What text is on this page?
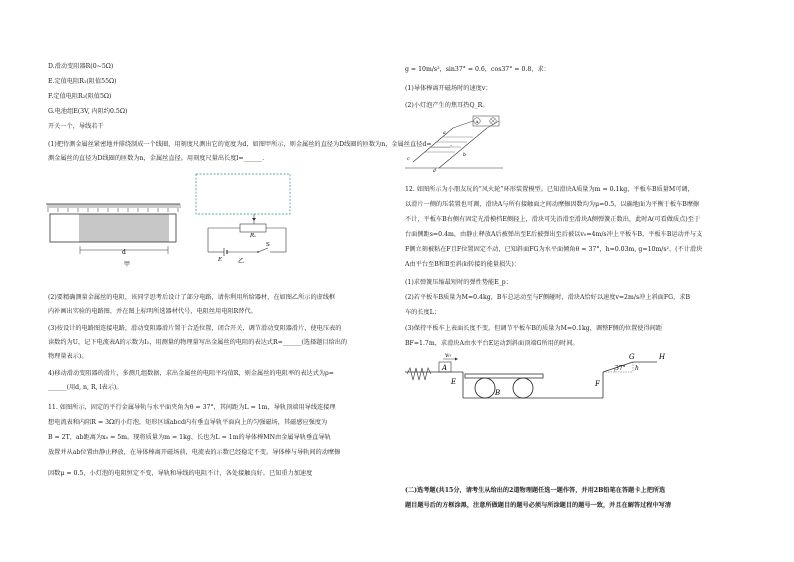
D.滑动变阻器R(0~5Ω)
E.定值电阻R₁(阻值55Ω)
F.定值电阻R₂(阻值5Ω)
G.电池组E(3V, 内阻约0.5Ω)
开关一个，导线若干
(1)把待测金属丝紧密地并排绕制成一个线圈，用刻度尺测出它的宽度为d，如图甲所示，则金属丝的直径为D线圈的匝数为n，金属丝直径d=______.
测金属丝的直径为D线圈的匝数为n，金属丝直径。用刻度尺量出长度l=______.
d
甲
Rₓ
E
S
乙
(2)要精确测量金属丝的电阻，该同学思考后设计了部分电路，请你利用所给器材，在如图乙所示的虚线框
内补画出实验的电路图，并在图上标明所选器材代号，电阻丝用电阻R替代。
(3)按设计的电路图连接电路，滑动变阻器滑片置于合适位置，闭合开关，调节滑动变阻器滑片，使电压表的
读数约为U，记下电流表A的示数为I₁，用测量的物理量写出金属丝的电阻的表达式R=______(选择题目给出的
物理量表示)。
4)移动滑动变阻器的滑片，多测几组数据，求出金属丝的电阻平均值R，则金属丝的电阻率的表达式为ρ=
______(用d, n, R, l表示)。
11. 如图所示，固定的平行金属导轨与水平面夹角为θ = 37°，其间距为L = 1m，导轨顶端用导线连接理
想电流表和内阻R = 3Ω的小灯泡。矩形区域abcd内有垂直导轨平面向上的匀强磁场，其磁感应强度为
B = 2T，ab距离为x₀ = 5m。现将质量为m = 1kg、长也为L = 1m的导体棒MN由金属导轨垂直导轨
放置并从ab位置由静止释放，在导体棒离开磁场前，电流表的示数已经稳定不变。导体棒与导轨间的动摩擦
因数μ = 0.5，小灯泡的电阻恒定不变，导轨和导线的电阻不计，各处接触良好。已知重力加速度
g = 10m/s²，sin37° = 0.6，cos37° = 0.8，求：
(1)导体棒离开磁场时的速度v；
(2)小灯泡产生的焦耳热Q_R。
A
c
d
a
b
12. 如图所示为小朋友玩的“风火轮”环形装置模型。已知滑块A质量为m = 0.1kg，平板车B质量M可调，
以滑片一侧的压装置也可调，滑块A与所有接触面之间动摩擦因数均为μ=0.5，以确地面为平衡于板车B摩擦
不计，平板车B右侧有固定光滑模档E侧轻上，滑块可先沿滑至滑块A侧弹簧正数出，此时A(可看做质点)至于
台面侧距s=0.4m，由静止释放A后被弹出至E后被弹出至后被以v₀=4m/s冲上平板车B，平板车B运动并与支
F侧立刻被粘在F且F位置固定不动，已知斜面FG为水平面倾角θ = 37°，h=0.03m, g=10m/s²，(不计滑块
A由平台至B和B至斜面转接的能量损失)：
(1)求弹簧压缩最短时的弹性势能E_p；
(2)若平板车B质量为M=0.4kg，B车总运动至与F侧碰时，滑块A恰好以速度v=2m/s冲上斜面FG，求B
车的长度L；
(3)保持平板车上表面长度不变，但调节平板车B的质量为M=0.1kg，调整F侧的位置使得间距
BF=1.7m，求滑块A由水平台E运动到斜面顶端G所用的时间。
A
v₀
E
B
37° h
F
G	H
(二)选考题(共15分，请考生从给出的2道物理题任选一题作答，并用2B铅笔在答题卡上把所选
题目题号后的方框涂黑，注意所做题目的题号必须与所涂题目的题号一致，并且在解答过程中写清
